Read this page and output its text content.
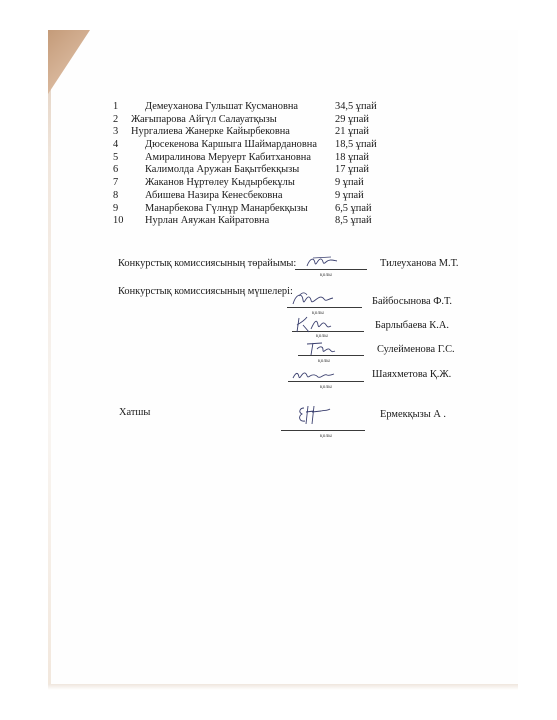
1	Демеуханова Гульшат Кусмановна	34,5 ұпай
2 Жағыпарова Айгүл Салауатқызы	29 ұпай
3 Нургалиева Жанерке Кайырбековна	21 ұпай
4	Дюсекенова Каршыга Шаймардановна 18,5 ұпай
5	Амиралинова Меруерт Кабитхановна 18 ұпай
6	Калимолда Аружан Бақытбекқызы	17 ұпай
7	Жаканов Нұртөлеу Кыдырбекұлы	9 ұпай
8	Абишева Назира Кенесбековна	9 ұпай
9	Манарбекова Гүлнұр Манарбекқызы	6,5 ұпай
10 Нурлан Аяужан Кайратовна	8,5 ұпай
Конкурстық комиссиясының төрайымы:
қолы
Тилеуханова М.Т.
Конкурстық комиссиясының мүшелері:
қолы
Байбосынова Ф.Т.
қолы
Барлыбаева К.А.
қолы
Сулейменова Г.С.
қолы
Шаяхметова Қ.Ж.
Хатшы
қолы
Ермекқызы А .
